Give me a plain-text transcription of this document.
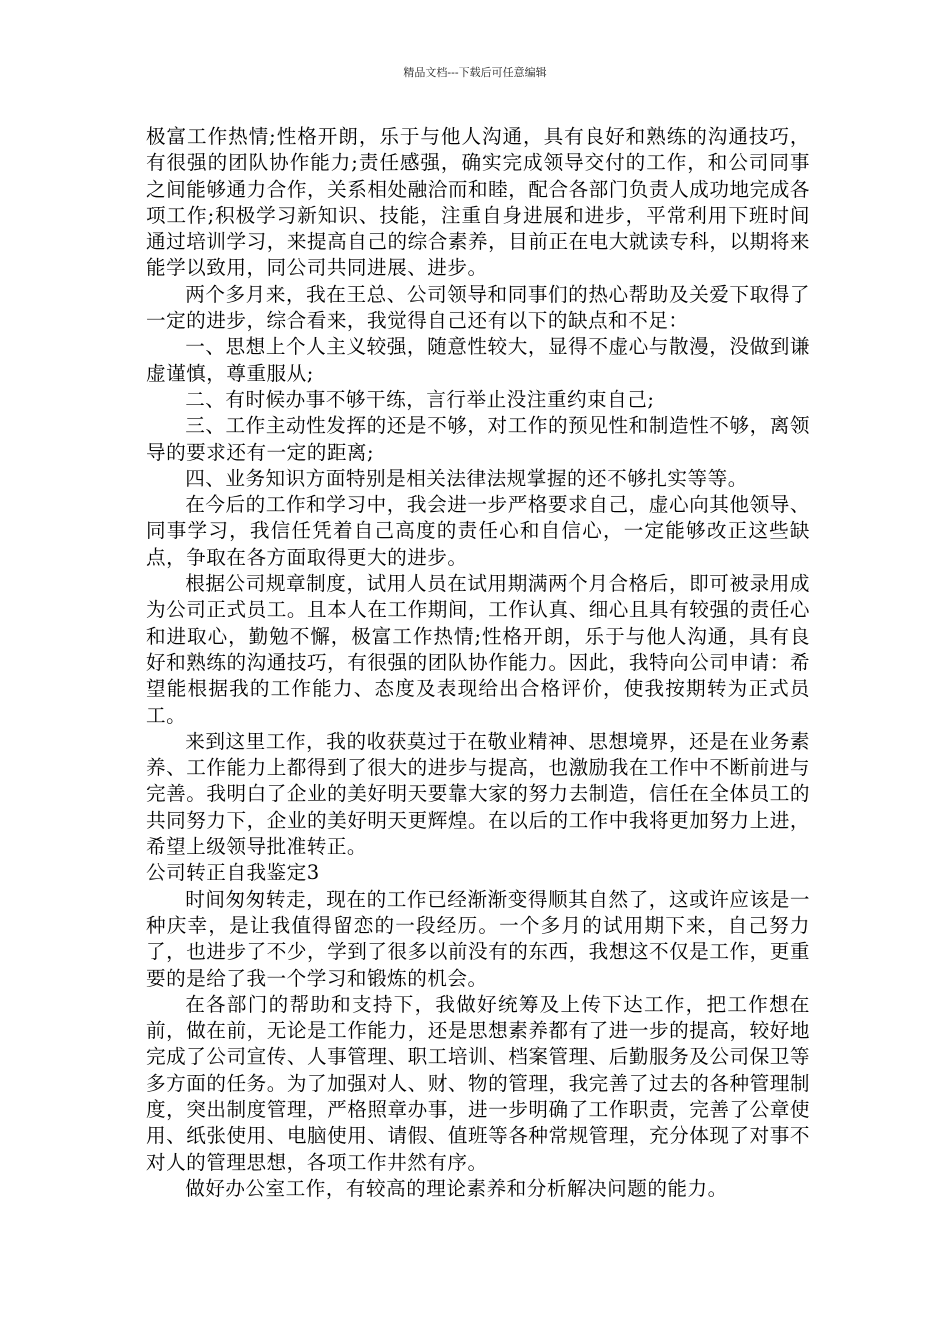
精品文档---下载后可任意编辑

极富工作热情;性格开朗，乐于与他人沟通，具有良好和熟练的沟通技巧，有很强的团队协作能力;责任感强，确实完成领导交付的工作，和公司同事之间能够通力合作，关系相处融洽而和睦，配合各部门负责人成功地完成各项工作;积极学习新知识、技能，注重自身进展和进步，平常利用下班时间通过培训学习，来提高自己的综合素养，目前正在电大就读专科，以期将来能学以致用，同公司共同进展、进步。

两个多月来，我在王总、公司领导和同事们的热心帮助及关爱下取得了一定的进步，综合看来，我觉得自己还有以下的缺点和不足：

一、思想上个人主义较强，随意性较大，显得不虚心与散漫，没做到谦虚谨慎，尊重服从;

二、有时候办事不够干练，言行举止没注重约束自己;

三、工作主动性发挥的还是不够，对工作的预见性和制造性不够，离领导的要求还有一定的距离;

四、业务知识方面特别是相关法律法规掌握的还不够扎实等等。

在今后的工作和学习中，我会进一步严格要求自己，虚心向其他领导、同事学习，我信任凭着自己高度的责任心和自信心，一定能够改正这些缺点，争取在各方面取得更大的进步。

根据公司规章制度，试用人员在试用期满两个月合格后，即可被录用成为公司正式员工。且本人在工作期间，工作认真、细心且具有较强的责任心和进取心，勤勉不懈，极富工作热情;性格开朗，乐于与他人沟通，具有良好和熟练的沟通技巧，有很强的团队协作能力。因此，我特向公司申请：希望能根据我的工作能力、态度及表现给出合格评价，使我按期转为正式员工。

来到这里工作，我的收获莫过于在敬业精神、思想境界，还是在业务素养、工作能力上都得到了很大的进步与提高，也激励我在工作中不断前进与完善。我明白了企业的美好明天要靠大家的努力去制造，信任在全体员工的共同努力下，企业的美好明天更辉煌。在以后的工作中我将更加努力上进，希望上级领导批准转正。

公司转正自我鉴定3

时间匆匆转走，现在的工作已经渐渐变得顺其自然了，这或许应该是一种庆幸，是让我值得留恋的一段经历。一个多月的试用期下来，自己努力了，也进步了不少，学到了很多以前没有的东西，我想这不仅是工作，更重要的是给了我一个学习和锻炼的机会。

在各部门的帮助和支持下，我做好统筹及上传下达工作，把工作想在前，做在前，无论是工作能力，还是思想素养都有了进一步的提高，较好地完成了公司宣传、人事管理、职工培训、档案管理、后勤服务及公司保卫等多方面的任务。为了加强对人、财、物的管理，我完善了过去的各种管理制度，突出制度管理，严格照章办事，进一步明确了工作职责，完善了公章使用、纸张使用、电脑使用、请假、值班等各种常规管理，充分体现了对事不对人的管理思想，各项工作井然有序。

做好办公室工作，有较高的理论素养和分析解决问题的能力。
